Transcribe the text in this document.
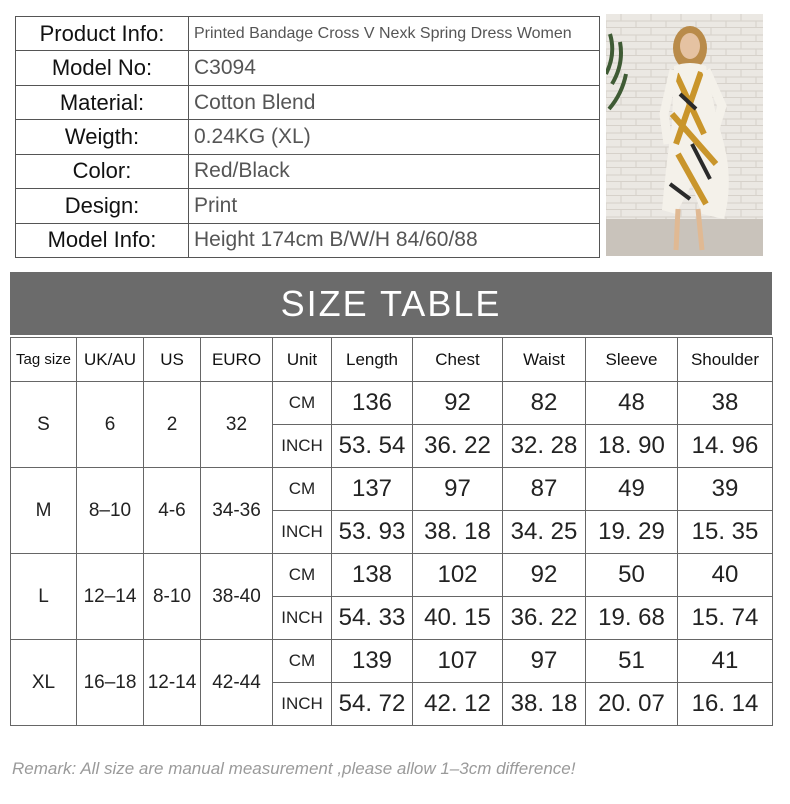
Product Info:	Printed Bandage Cross V Nexk Spring Dress Women
Model No:	C3094
Material:	Cotton Blend
Weigth:	0.24KG (XL)
Color:	Red/Black
Design:	Print
Model Info:	Height 174cm B/W/H 84/60/88
SIZE TABLE
Tag size	UK/AU	US	EURO	Unit	Length	Chest	Waist	Sleeve	Shoulder
S	6	2	32	CM	136	92	82	48	38
				INCH	53. 54	36. 22	32. 28	18. 90	14. 96
M	8–10	4-6	34-36	CM	137	97	87	49	39
				INCH	53. 93	38. 18	34. 25	19. 29	15. 35
L	12–14	8-10	38-40	CM	138	102	92	50	40
				INCH	54. 33	40. 15	36. 22	19. 68	15. 74
XL	16–18	12-14	42-44	CM	139	107	97	51	41
				INCH	54. 72	42. 12	38. 18	20. 07	16. 14
Remark: All size are manual measurement ,please allow 1–3cm difference!
